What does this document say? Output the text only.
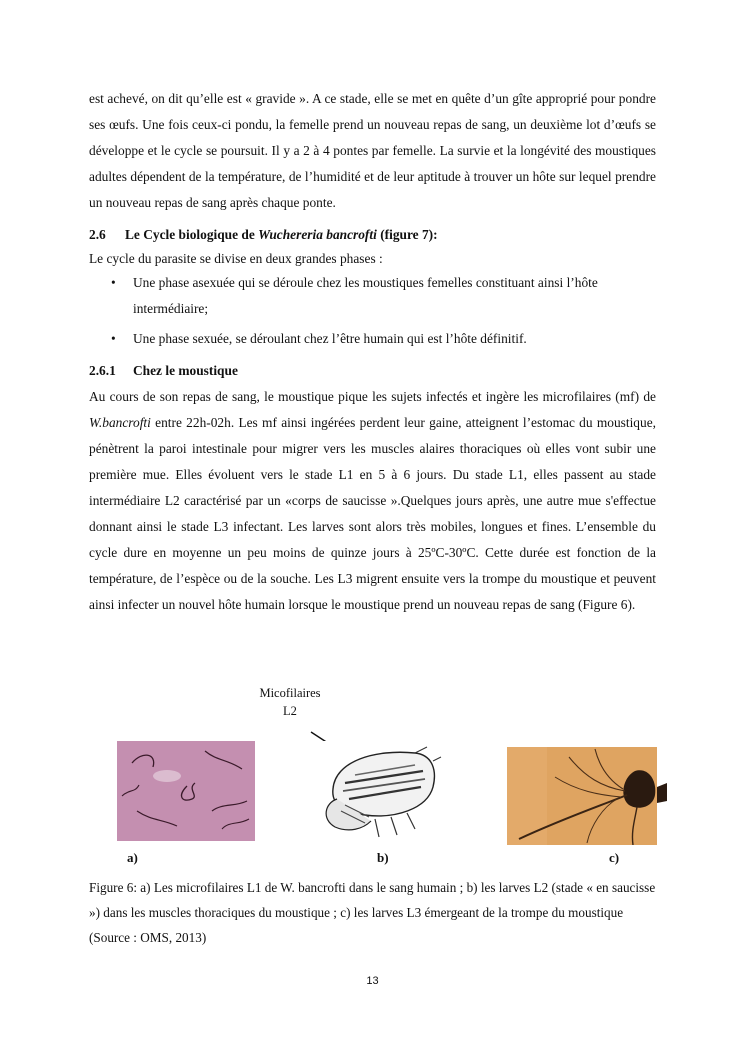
est achevé, on dit qu’elle est « gravide ». A ce stade, elle se met en quête d’un gîte approprié pour pondre ses œufs. Une fois ceux-ci pondu, la femelle prend un nouveau repas de sang, un deuxième lot d’œufs se développe et le cycle se poursuit. Il y a 2 à 4 pontes par femelle. La survie et la longévité des moustiques adultes dépendent de la température, de l’humidité et de leur aptitude à trouver un hôte sur lequel prendre un nouveau repas de sang après chaque ponte.

2.6 Le Cycle biologique de Wuchereria bancrofti (figure 7):

Le cycle du parasite se divise en deux grandes phases :

• Une phase asexuée qui se déroule chez les moustiques femelles constituant ainsi l’hôte intermédiaire;
• Une phase sexuée, se déroulant chez l’être humain qui est l’hôte définitif.
2.6.1 Chez le moustique

Au cours de son repas de sang, le moustique pique les sujets infectés et ingère les microfilaires (mf) de W.bancrofti entre 22h-02h. Les mf ainsi ingérées perdent leur gaine, atteignent l’estomac du moustique, pénètrent la paroi intestinale pour migrer vers les muscles alaires thoraciques où elles vont subir une première mue. Elles évoluent vers le stade L1 en 5 à 6 jours. Du stade L1, elles passent au stade intermédiaire L2 caractérisé par un «corps de saucisse ».Quelques jours après, une autre mue s'effectue donnant ainsi le stade L3 infectant. Les larves sont alors très mobiles, longues et fines. L’ensemble du cycle dure en moyenne un peu moins de quinze jours à 25ºC-30ºC. Cette durée est fonction de la température, de l’espèce ou de la souche. Les L3 migrent ensuite vers la trompe du moustique et peuvent ainsi infecter un nouvel hôte humain lorsque le moustique prend un nouveau repas de sang (Figure 6).

Micofilaires
L2
a)	b)	c)

Figure 6: a) Les microfilaires L1 de W. bancrofti dans le sang humain ; b) les larves L2 (stade « en saucisse ») dans les muscles thoraciques du moustique ; c) les larves L3 émergeant de la trompe du moustique (Source : OMS, 2013)

13
